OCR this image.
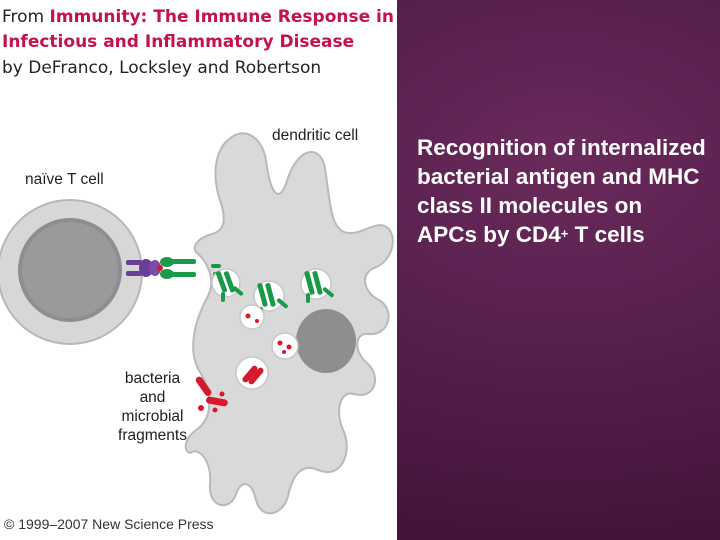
From Immunity: The Immune Response in
Infectious and Inflammatory Disease
by DeFranco, Locksley and Robertson
dendritic cell
naïve T cell
bacteria
and
microbial
fragments
© 1999–2007 New Science Press
Recognition of internalized bacterial antigen and MHC class II molecules on APCs by CD4+ T cells
